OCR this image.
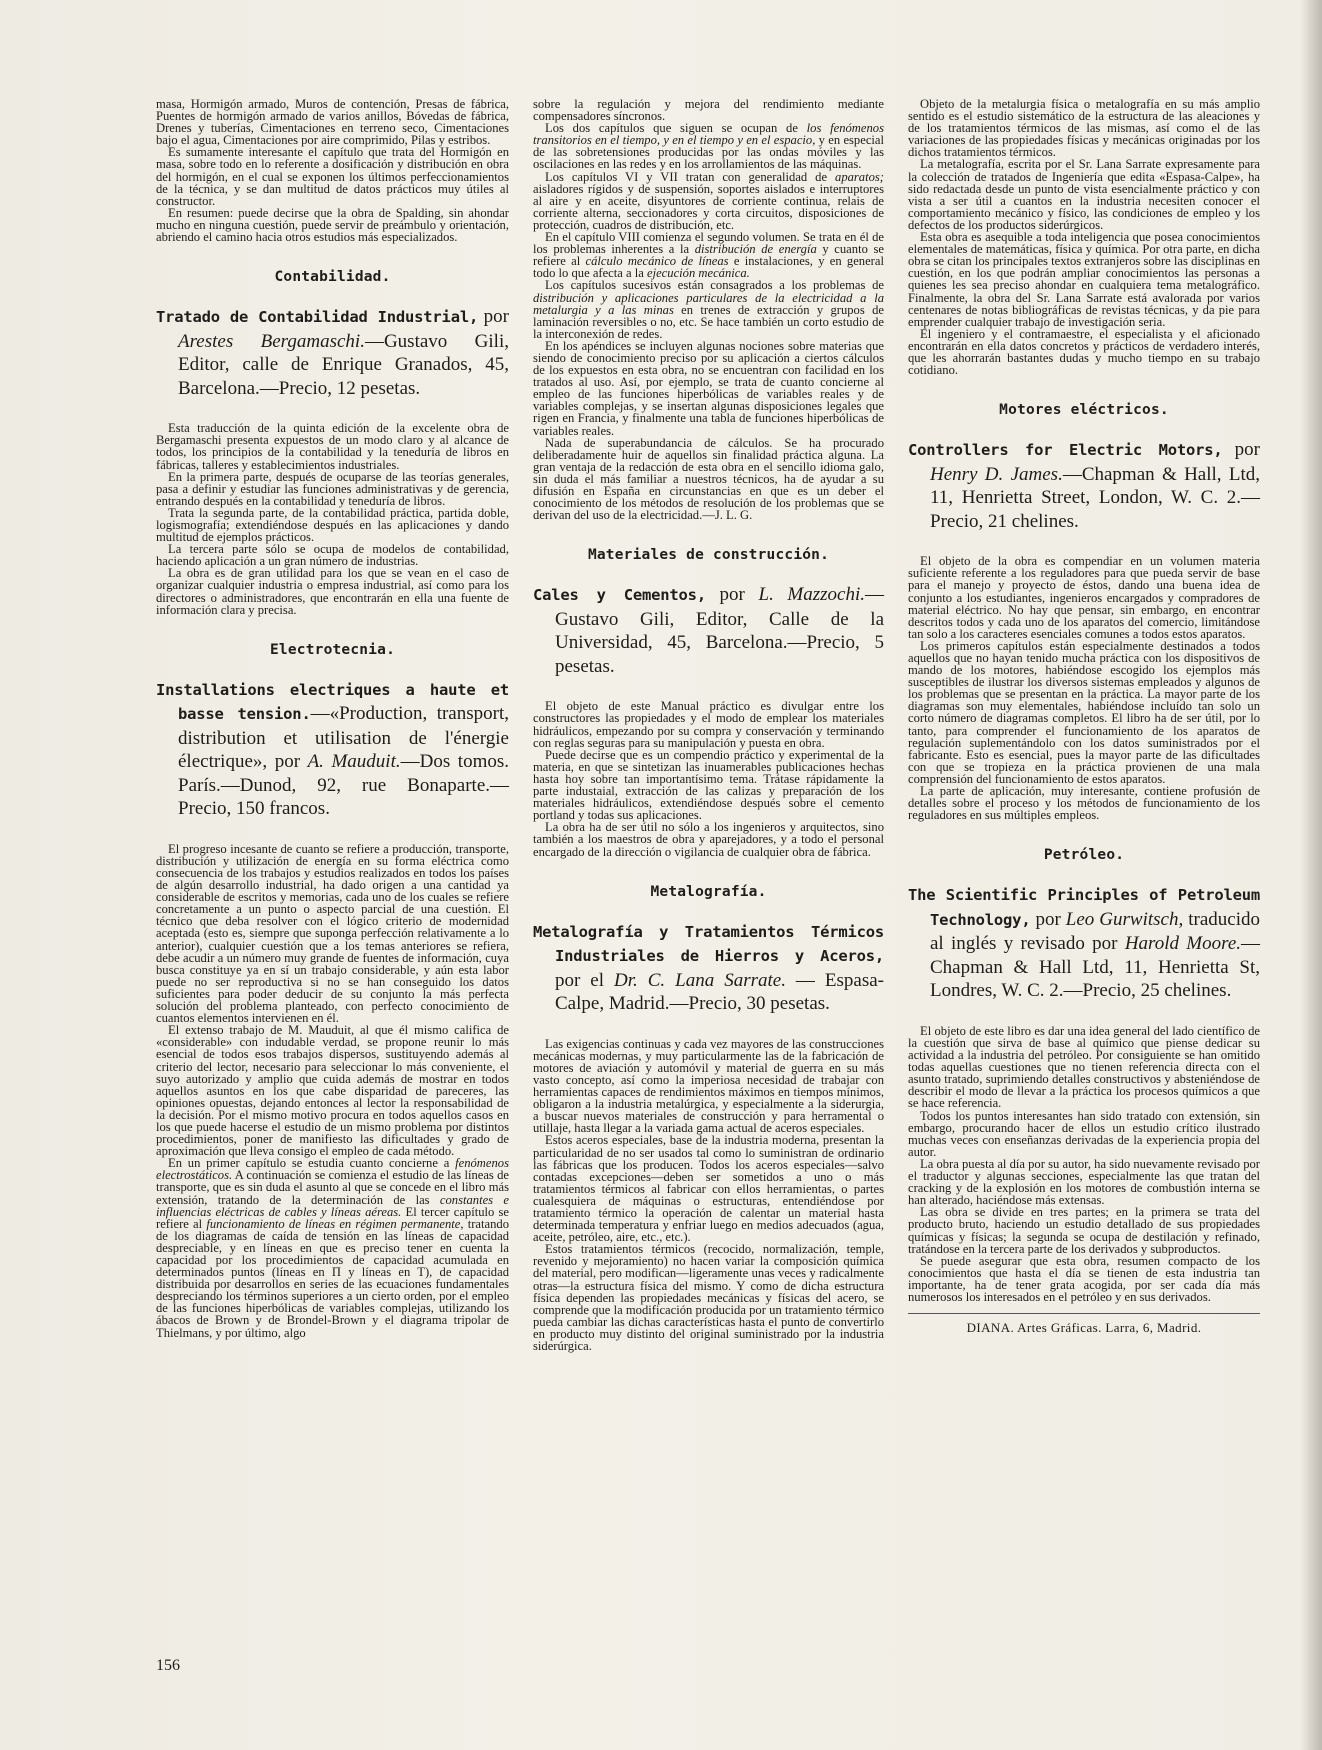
masa, Hormigón armado, Muros de contención, Presas de fábrica, Puentes de hormigón armado de varios anillos, Bóvedas de fábrica, Drenes y tuberías, Cimentaciones en terreno seco, Cimentaciones bajo el agua, Cimentaciones por aire comprimido, Pilas y estribos.

Es sumamente interesante el capítulo que trata del Hormigón en masa, sobre todo en lo referente a dosificación y distribución en obra del hormigón, en el cual se exponen los últimos perfeccionamientos de la técnica, y se dan multitud de datos prácticos muy útiles al constructor.

En resumen: puede decirse que la obra de Spalding, sin ahondar mucho en ninguna cuestión, puede servir de preámbulo y orientación, abriendo el camino hacia otros estudios más especializados.

Contabilidad.
Tratado de Contabilidad Industrial, por Arestes Bergamaschi.—Gustavo Gili, Editor, calle de Enrique Granados, 45, Barcelona.—Precio, 12 pesetas.

Esta traducción de la quinta edición de la excelente obra de Bergamaschi presenta expuestos de un modo claro y al alcance de todos, los principios de la contabilidad y la teneduría de libros en fábricas, talleres y establecimientos industriales.

En la primera parte, después de ocuparse de las teorías generales, pasa a definir y estudiar las funciones administrativas y de gerencia, entrando después en la contabilidad y teneduría de libros.

Trata la segunda parte, de la contabilidad práctica, partida doble, logismografía; extendiéndose después en las aplicaciones y dando multitud de ejemplos prácticos.

La tercera parte sólo se ocupa de modelos de contabilidad, haciendo aplicación a un gran número de industrias.

La obra es de gran utilidad para los que se vean en el caso de organizar cualquier industria o empresa industrial, así como para los directores o administradores, que encontrarán en ella una fuente de información clara y precisa.

Electrotecnia.
Installations electriques a haute et basse tension.—«Production, transport, distribution et utilisation de l'énergie électrique», por A. Mauduit.—Dos tomos. París.—Dunod, 92, rue Bonaparte.—Precio, 150 francos.

El progreso incesante de cuanto se refiere a producción, transporte, distribución y utilización de energía en su forma eléctrica como consecuencia de los trabajos y estudios realizados en todos los países de algún desarrollo industrial, ha dado origen a una cantidad ya considerable de escritos y memorias, cada uno de los cuales se refiere concretamente a un punto o aspecto parcial de una cuestión. El técnico que deba resolver con el lógico criterio de modernidad aceptada (esto es, siempre que suponga perfección relativamente a lo anterior), cualquier cuestión que a los temas anteriores se refiera, debe acudir a un número muy grande de fuentes de información, cuya busca constituye ya en sí un trabajo considerable, y aún esta labor puede no ser reproductiva si no se han conseguido los datos suficientes para poder deducir de su conjunto la más perfecta solución del problema planteado, con perfecto conocimiento de cuantos elementos intervienen en él.

El extenso trabajo de M. Mauduit, al que él mismo califica de «considerable» con indudable verdad, se propone reunir lo más esencial de todos esos trabajos dispersos, sustituyendo además al criterio del lector, necesario para seleccionar lo más conveniente, el suyo autorizado y amplio que cuida además de mostrar en todos aquellos asuntos en los que cabe disparidad de pareceres, las opiniones opuestas, dejando entonces al lector la responsabilidad de la decisión. Por el mismo motivo procura en todos aquellos casos en los que puede hacerse el estudio de un mismo problema por distintos procedimientos, poner de manifiesto las dificultades y grado de aproximación que lleva consigo el empleo de cada método.

En un primer capítulo se estudia cuanto concierne a fenómenos electrostáticos. A continuación se comienza el estudio de las líneas de transporte, que es sin duda el asunto al que se concede en el libro más extensión, tratando de la determinación de las constantes e influencias eléctricas de cables y líneas aéreas. El tercer capítulo se refiere al funcionamiento de líneas en régimen permanente, tratando de los diagramas de caída de tensión en las líneas de capacidad despreciable, y en líneas en que es preciso tener en cuenta la capacidad por los procedimientos de capacidad acumulada en determinados puntos (líneas en Π y líneas en T), de capacidad distribuida por desarrollos en series de las ecuaciones fundamentales despreciando los términos superiores a un cierto orden, por el empleo de las funciones hiperbólicas de variables complejas, utilizando los ábacos de Brown y de Brondel-Brown y el diagrama tripolar de Thielmans, y por último, algo

sobre la regulación y mejora del rendimiento mediante compensadores síncronos.

Los dos capítulos que siguen se ocupan de los fenómenos transitorios en el tiempo, y en el tiempo y en el espacio, y en especial de las sobretensiones producidas por las ondas móviles y las oscilaciones en las redes y en los arrollamientos de las máquinas.

Los capítulos VI y VII tratan con generalidad de aparatos; aisladores rígidos y de suspensión, soportes aislados e interruptores al aire y en aceite, disyuntores de corriente continua, relais de corriente alterna, seccionadores y corta circuitos, disposiciones de protección, cuadros de distribución, etc.

En el capítulo VIII comienza el segundo volumen. Se trata en él de los problemas inherentes a la distribución de energía y cuanto se refiere al cálculo mecánico de líneas e instalaciones, y en general todo lo que afecta a la ejecución mecánica.

Los capítulos sucesivos están consagrados a los problemas de distribución y aplicaciones particulares de la electricidad a la metalurgia y a las minas en trenes de extracción y grupos de laminación reversibles o no, etc. Se hace también un corto estudio de la interconexión de redes.

En los apéndices se incluyen algunas nociones sobre materias que siendo de conocimiento preciso por su aplicación a ciertos cálculos de los expuestos en esta obra, no se encuentran con facilidad en los tratados al uso. Así, por ejemplo, se trata de cuanto concierne al empleo de las funciones hiperbólicas de variables reales y de variables complejas, y se insertan algunas disposiciones legales que rigen en Francia, y finalmente una tabla de funciones hiperbólicas de variables reales.

Nada de superabundancia de cálculos. Se ha procurado deliberadamente huir de aquellos sin finalidad práctica alguna. La gran ventaja de la redacción de esta obra en el sencillo idioma galo, sin duda el más familiar a nuestros técnicos, ha de ayudar a su difusión en España en circunstancias en que es un deber el conocimiento de los métodos de resolución de los problemas que se derivan del uso de la electricidad.—J. L. G.

Materiales de construcción.
Cales y Cementos, por L. Mazzochi.—Gustavo Gili, Editor, Calle de la Universidad, 45, Barcelona.—Precio, 5 pesetas.

El objeto de este Manual práctico es divulgar entre los constructores las propiedades y el modo de emplear los materiales hidráulicos, empezando por su compra y conservación y terminando con reglas seguras para su manipulación y puesta en obra.

Puede decirse que es un compendio práctico y experimental de la materia, en que se sintetizan las inuamerables publicaciones hechas hasta hoy sobre tan importantísimo tema. Trátase rápidamente la parte industaial, extracción de las calizas y preparación de los materiales hidráulicos, extendiéndose después sobre el cemento portland y todas sus aplicaciones.

La obra ha de ser útil no sólo a los ingenieros y arquitectos, sino también a los maestros de obra y aparejadores, y a todo el personal encargado de la dirección o vigilancia de cualquier obra de fábrica.

Metalografía.
Metalografía y Tratamientos Térmicos Industriales de Hierros y Aceros, por el Dr. C. Lana Sarrate. — Espasa-Calpe, Madrid.—Precio, 30 pesetas.

Las exigencias continuas y cada vez mayores de las construcciones mecánicas modernas, y muy particularmente las de la fabricación de motores de aviación y automóvil y material de guerra en su más vasto concepto, así como la imperiosa necesidad de trabajar con herramientas capaces de rendimientos máximos en tiempos mínimos, obligaron a la industria metalúrgica, y especialmente a la siderurgia, a buscar nuevos materiales de construcción y para herramental o utillaje, hasta llegar a la variada gama actual de aceros especiales.

Estos aceros especiales, base de la industria moderna, presentan la particularidad de no ser usados tal como lo suministran de ordinario las fábricas que los producen. Todos los aceros especiales—salvo contadas excepciones—deben ser sometidos a uno o más tratamientos térmicos al fabricar con ellos herramientas, o partes cualesquiera de máquinas o estructuras, entendiéndose por tratamiento térmico la operación de calentar un material hasta determinada temperatura y enfriar luego en medios adecuados (agua, aceite, petróleo, aire, etc., etc.).

Estos tratamientos térmicos (recocido, normalización, temple, revenido y mejoramiento) no hacen variar la composición química del material, pero modifican—ligeramente unas veces y radicalmente otras—la estructura física del mismo. Y como de dicha estructura física dependen las propiedades mecánicas y físicas del acero, se comprende que la modificación producida por un tratamiento térmico pueda cambiar las dichas características hasta el punto de convertirlo en producto muy distinto del original suministrado por la industria siderúrgica.

Objeto de la metalurgia física o metalografía en su más amplio sentido es el estudio sistemático de la estructura de las aleaciones y de los tratamientos térmicos de las mismas, así como el de las variaciones de las propiedades físicas y mecánicas originadas por los dichos tratamientos térmicos.

La metalografía, escrita por el Sr. Lana Sarrate expresamente para la colección de tratados de Ingeniería que edita «Espasa-Calpe», ha sido redactada desde un punto de vista esencialmente práctico y con vista a ser útil a cuantos en la industria necesiten conocer el comportamiento mecánico y físico, las condiciones de empleo y los defectos de los productos siderúrgicos.

Esta obra es asequible a toda inteligencia que posea conocimientos elementales de matemáticas, física y química. Por otra parte, en dicha obra se citan los principales textos extranjeros sobre las disciplinas en cuestión, en los que podrán ampliar conocimientos las personas a quienes les sea preciso ahondar en cualquiera tema metalográfico. Finalmente, la obra del Sr. Lana Sarrate está avalorada por varios centenares de notas bibliográficas de revistas técnicas, y da pie para emprender cualquier trabajo de investigación seria.

El ingeniero y el contramaestre, el especialista y el aficionado encontrarán en ella datos concretos y prácticos de verdadero interés, que les ahorrarán bastantes dudas y mucho tiempo en su trabajo cotidiano.

Motores eléctricos.
Controllers for Electric Motors, por Henry D. James.—Chapman & Hall, Ltd, 11, Henrietta Street, London, W. C. 2.—Precio, 21 chelines.

El objeto de la obra es compendiar en un volumen materia suficiente referente a los reguladores para que pueda servir de base para el manejo y proyecto de éstos, dando una buena idea de conjunto a los estudiantes, ingenieros encargados y compradores de material eléctrico. No hay que pensar, sin embargo, en encontrar descritos todos y cada uno de los aparatos del comercio, limitándose tan solo a los caracteres esenciales comunes a todos estos aparatos.

Los primeros capítulos están especialmente destinados a todos aquellos que no hayan tenido mucha práctica con los dispositivos de mando de los motores, habiéndose escogido los ejemplos más susceptibles de ilustrar los diversos sistemas empleados y algunos de los problemas que se presentan en la práctica. La mayor parte de los diagramas son muy elementales, habiéndose incluído tan solo un corto número de diagramas completos. El libro ha de ser útil, por lo tanto, para comprender el funcionamiento de los aparatos de regulación suplementándolo con los datos suministrados por el fabricante. Esto es esencial, pues la mayor parte de las dificultades con que se tropieza en la práctica provienen de una mala comprensión del funcionamiento de estos aparatos.

La parte de aplicación, muy interesante, contiene profusión de detalles sobre el proceso y los métodos de funcionamiento de los reguladores en sus múltiples empleos.

Petróleo.
The Scientific Principles of Petroleum Technology, por Leo Gurwitsch, traducido al inglés y revisado por Harold Moore.—Chapman & Hall Ltd, 11, Henrietta St, Londres, W. C. 2.—Precio, 25 chelines.

El objeto de este libro es dar una idea general del lado científico de la cuestión que sirva de base al químico que piense dedicar su actividad a la industria del petróleo. Por consiguiente se han omitido todas aquellas cuestiones que no tienen referencia directa con el asunto tratado, suprimiendo detalles constructivos y absteniéndose de describir el modo de llevar a la práctica los procesos químicos a que se hace referencia.

Todos los puntos interesantes han sido tratado con extensión, sin embargo, procurando hacer de ellos un estudio crítico ilustrado muchas veces con enseñanzas derivadas de la experiencia propia del autor.

La obra puesta al día por su autor, ha sido nuevamente revisado por el traductor y algunas secciones, especialmente las que tratan del cracking y de la explosión en los motores de combustión interna se han alterado, haciéndose más extensas.

Las obra se divide en tres partes; en la primera se trata del producto bruto, haciendo un estudio detallado de sus propiedades químicas y físicas; la segunda se ocupa de destilación y refinado, tratándose en la tercera parte de los derivados y subproductos.

Se puede asegurar que esta obra, resumen compacto de los conocimientos que hasta el día se tienen de esta industria tan importante, ha de tener grata acogida, por ser cada día más numerosos los interesados en el petróleo y en sus derivados.

DIANA. Artes Gráficas. Larra, 6, Madrid.
156
